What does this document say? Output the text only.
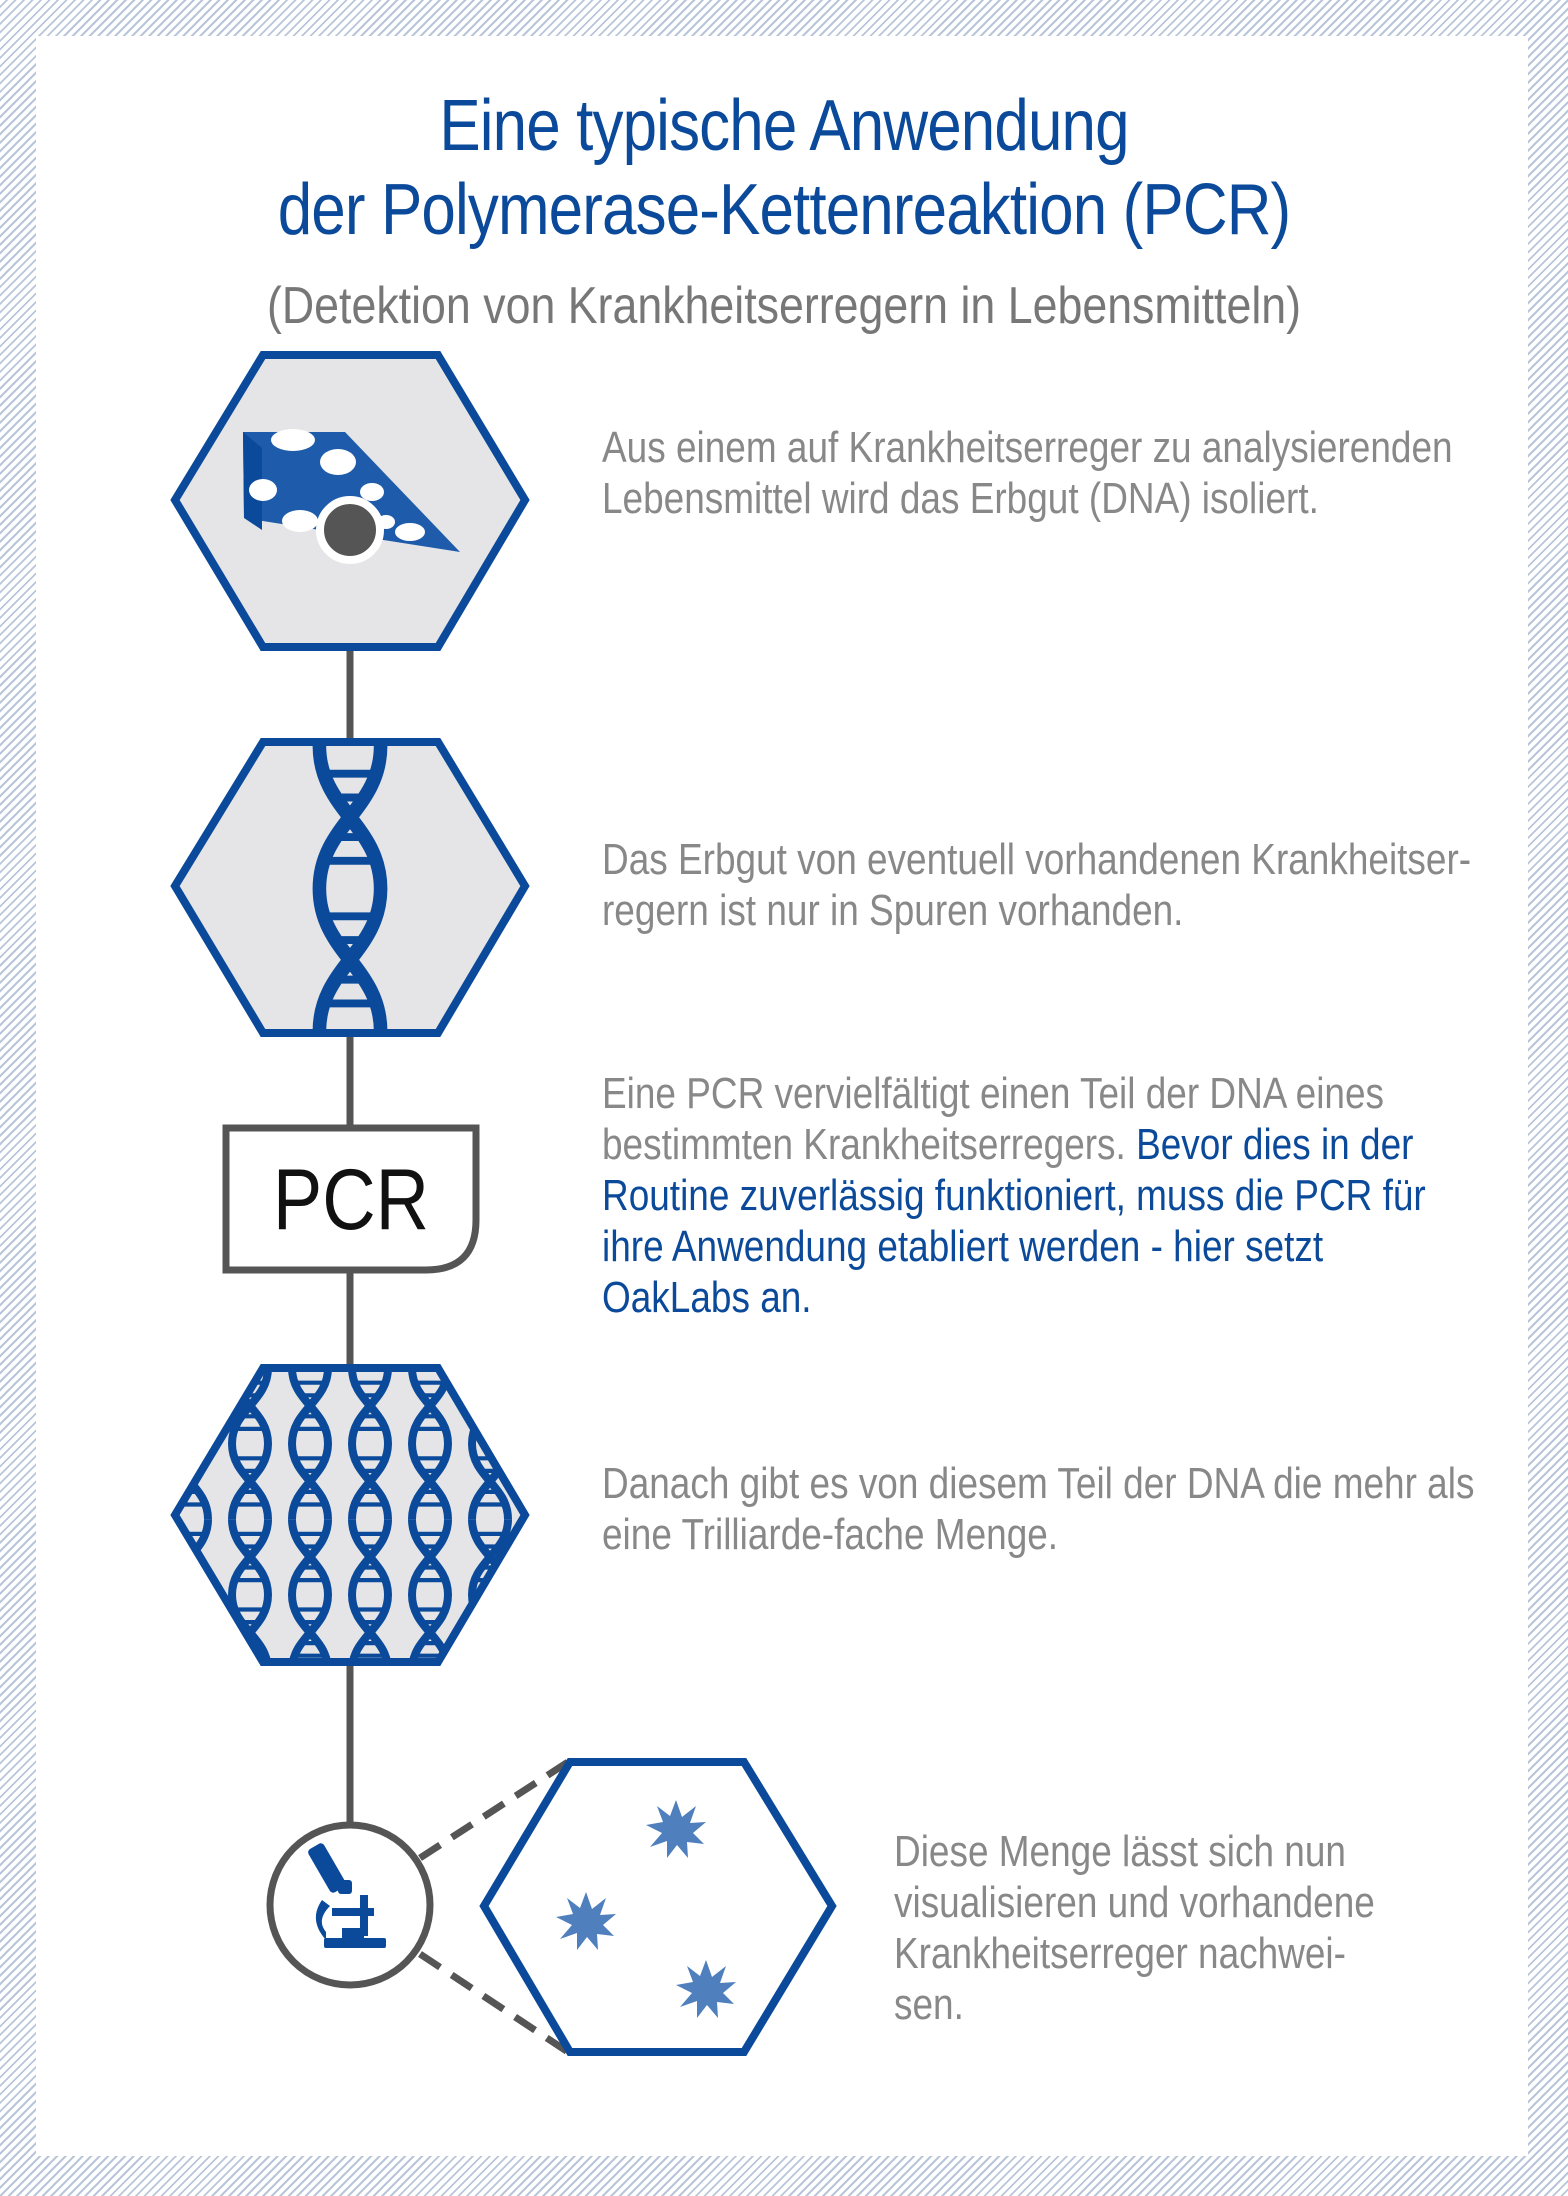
Eine typische Anwendung
der Polymerase-Kettenreaktion (PCR)
(Detektion von Krankheitserregern in Lebensmitteln)
PCR
Aus einem auf Krankheitserreger zu analysierenden
Lebensmittel wird das Erbgut (DNA) isoliert.
Das Erbgut von eventuell vorhandenen Krankheitser-
regern ist nur in Spuren vorhanden.
Eine PCR vervielfältigt einen Teil der DNA eines
bestimmten Krankheitserregers. Bevor dies in der
Routine zuverlässig funktioniert, muss die PCR für
ihre Anwendung etabliert werden - hier setzt
OakLabs an.
Danach gibt es von diesem Teil der DNA die mehr als
eine Trilliarde-fache Menge.
Diese Menge lässt sich nun
visualisieren und vorhandene
Krankheitserreger nachwei-
sen.
